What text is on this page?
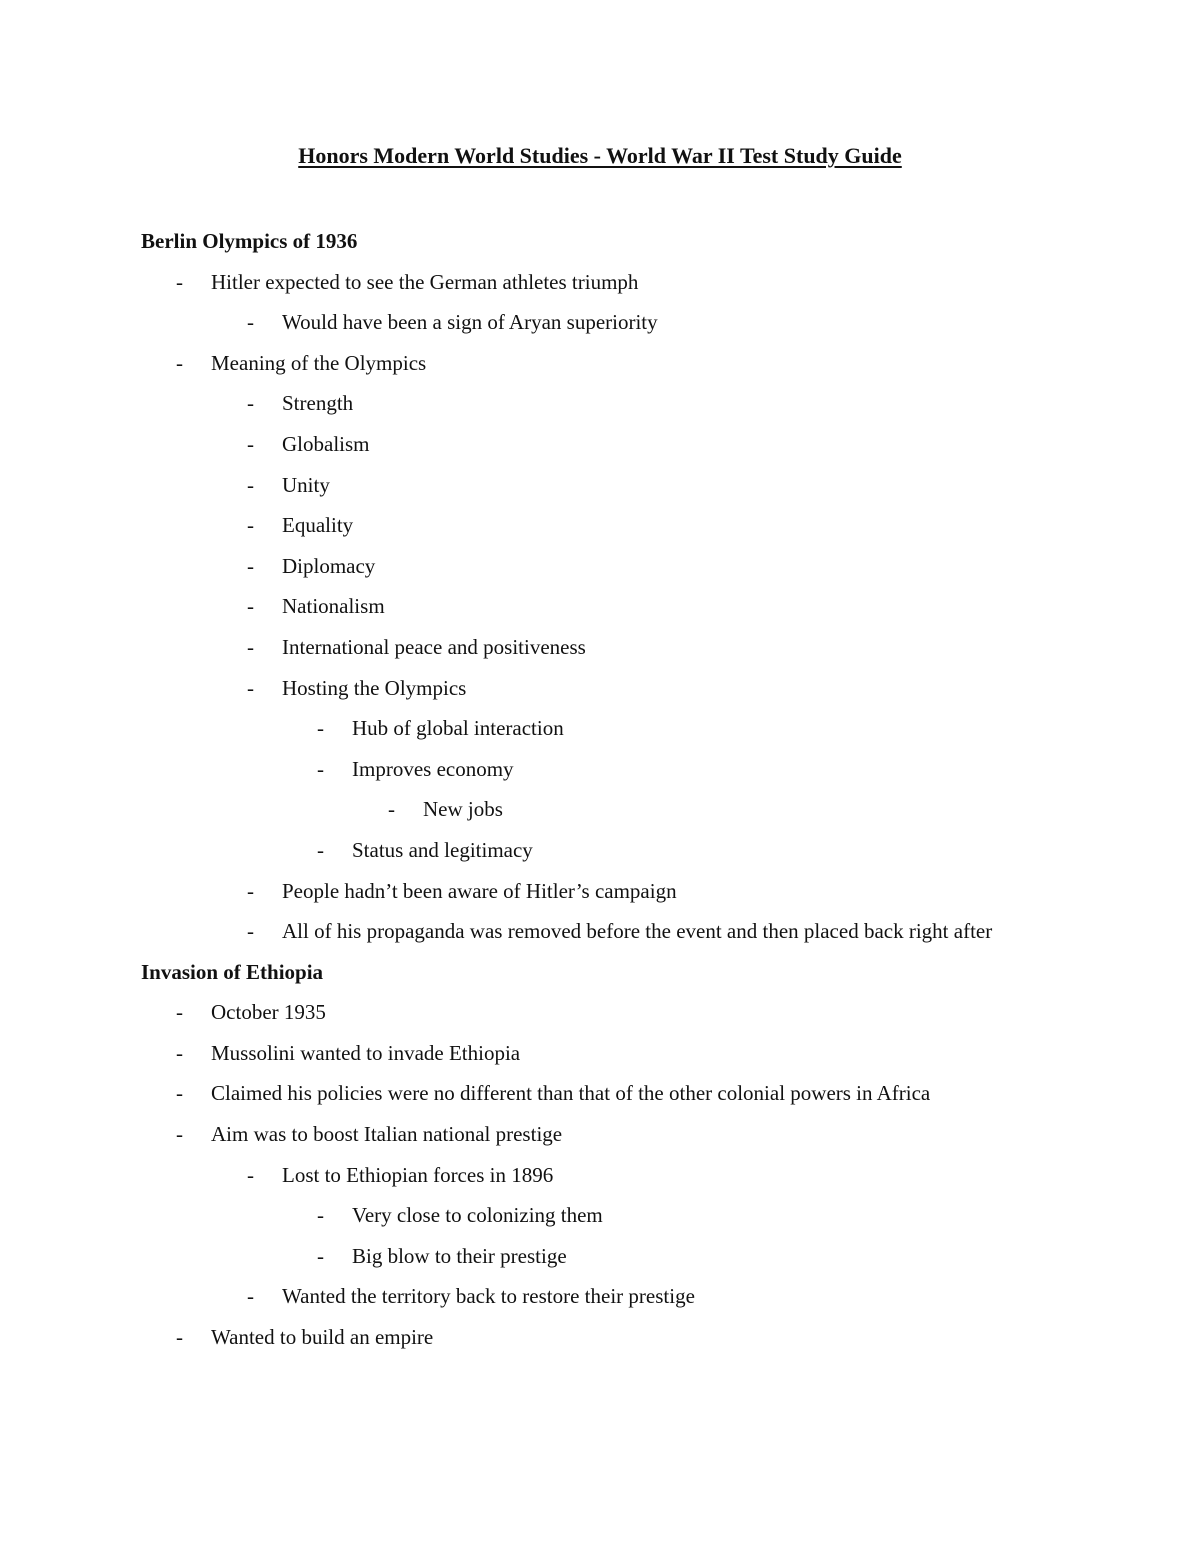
Honors Modern World Studies - World War II Test Study Guide
Berlin Olympics of 1936
- Hitler expected to see the German athletes triumph
- Would have been a sign of Aryan superiority
- Meaning of the Olympics
- Strength
- Globalism
- Unity
- Equality
- Diplomacy
- Nationalism
- International peace and positiveness
- Hosting the Olympics
- Hub of global interaction
- Improves economy
- New jobs
- Status and legitimacy
- People hadn’t been aware of Hitler’s campaign
- All of his propaganda was removed before the event and then placed back right after
Invasion of Ethiopia
- October 1935
- Mussolini wanted to invade Ethiopia
- Claimed his policies were no different than that of the other colonial powers in Africa
- Aim was to boost Italian national prestige
- Lost to Ethiopian forces in 1896
- Very close to colonizing them
- Big blow to their prestige
- Wanted the territory back to restore their prestige
- Wanted to build an empire
